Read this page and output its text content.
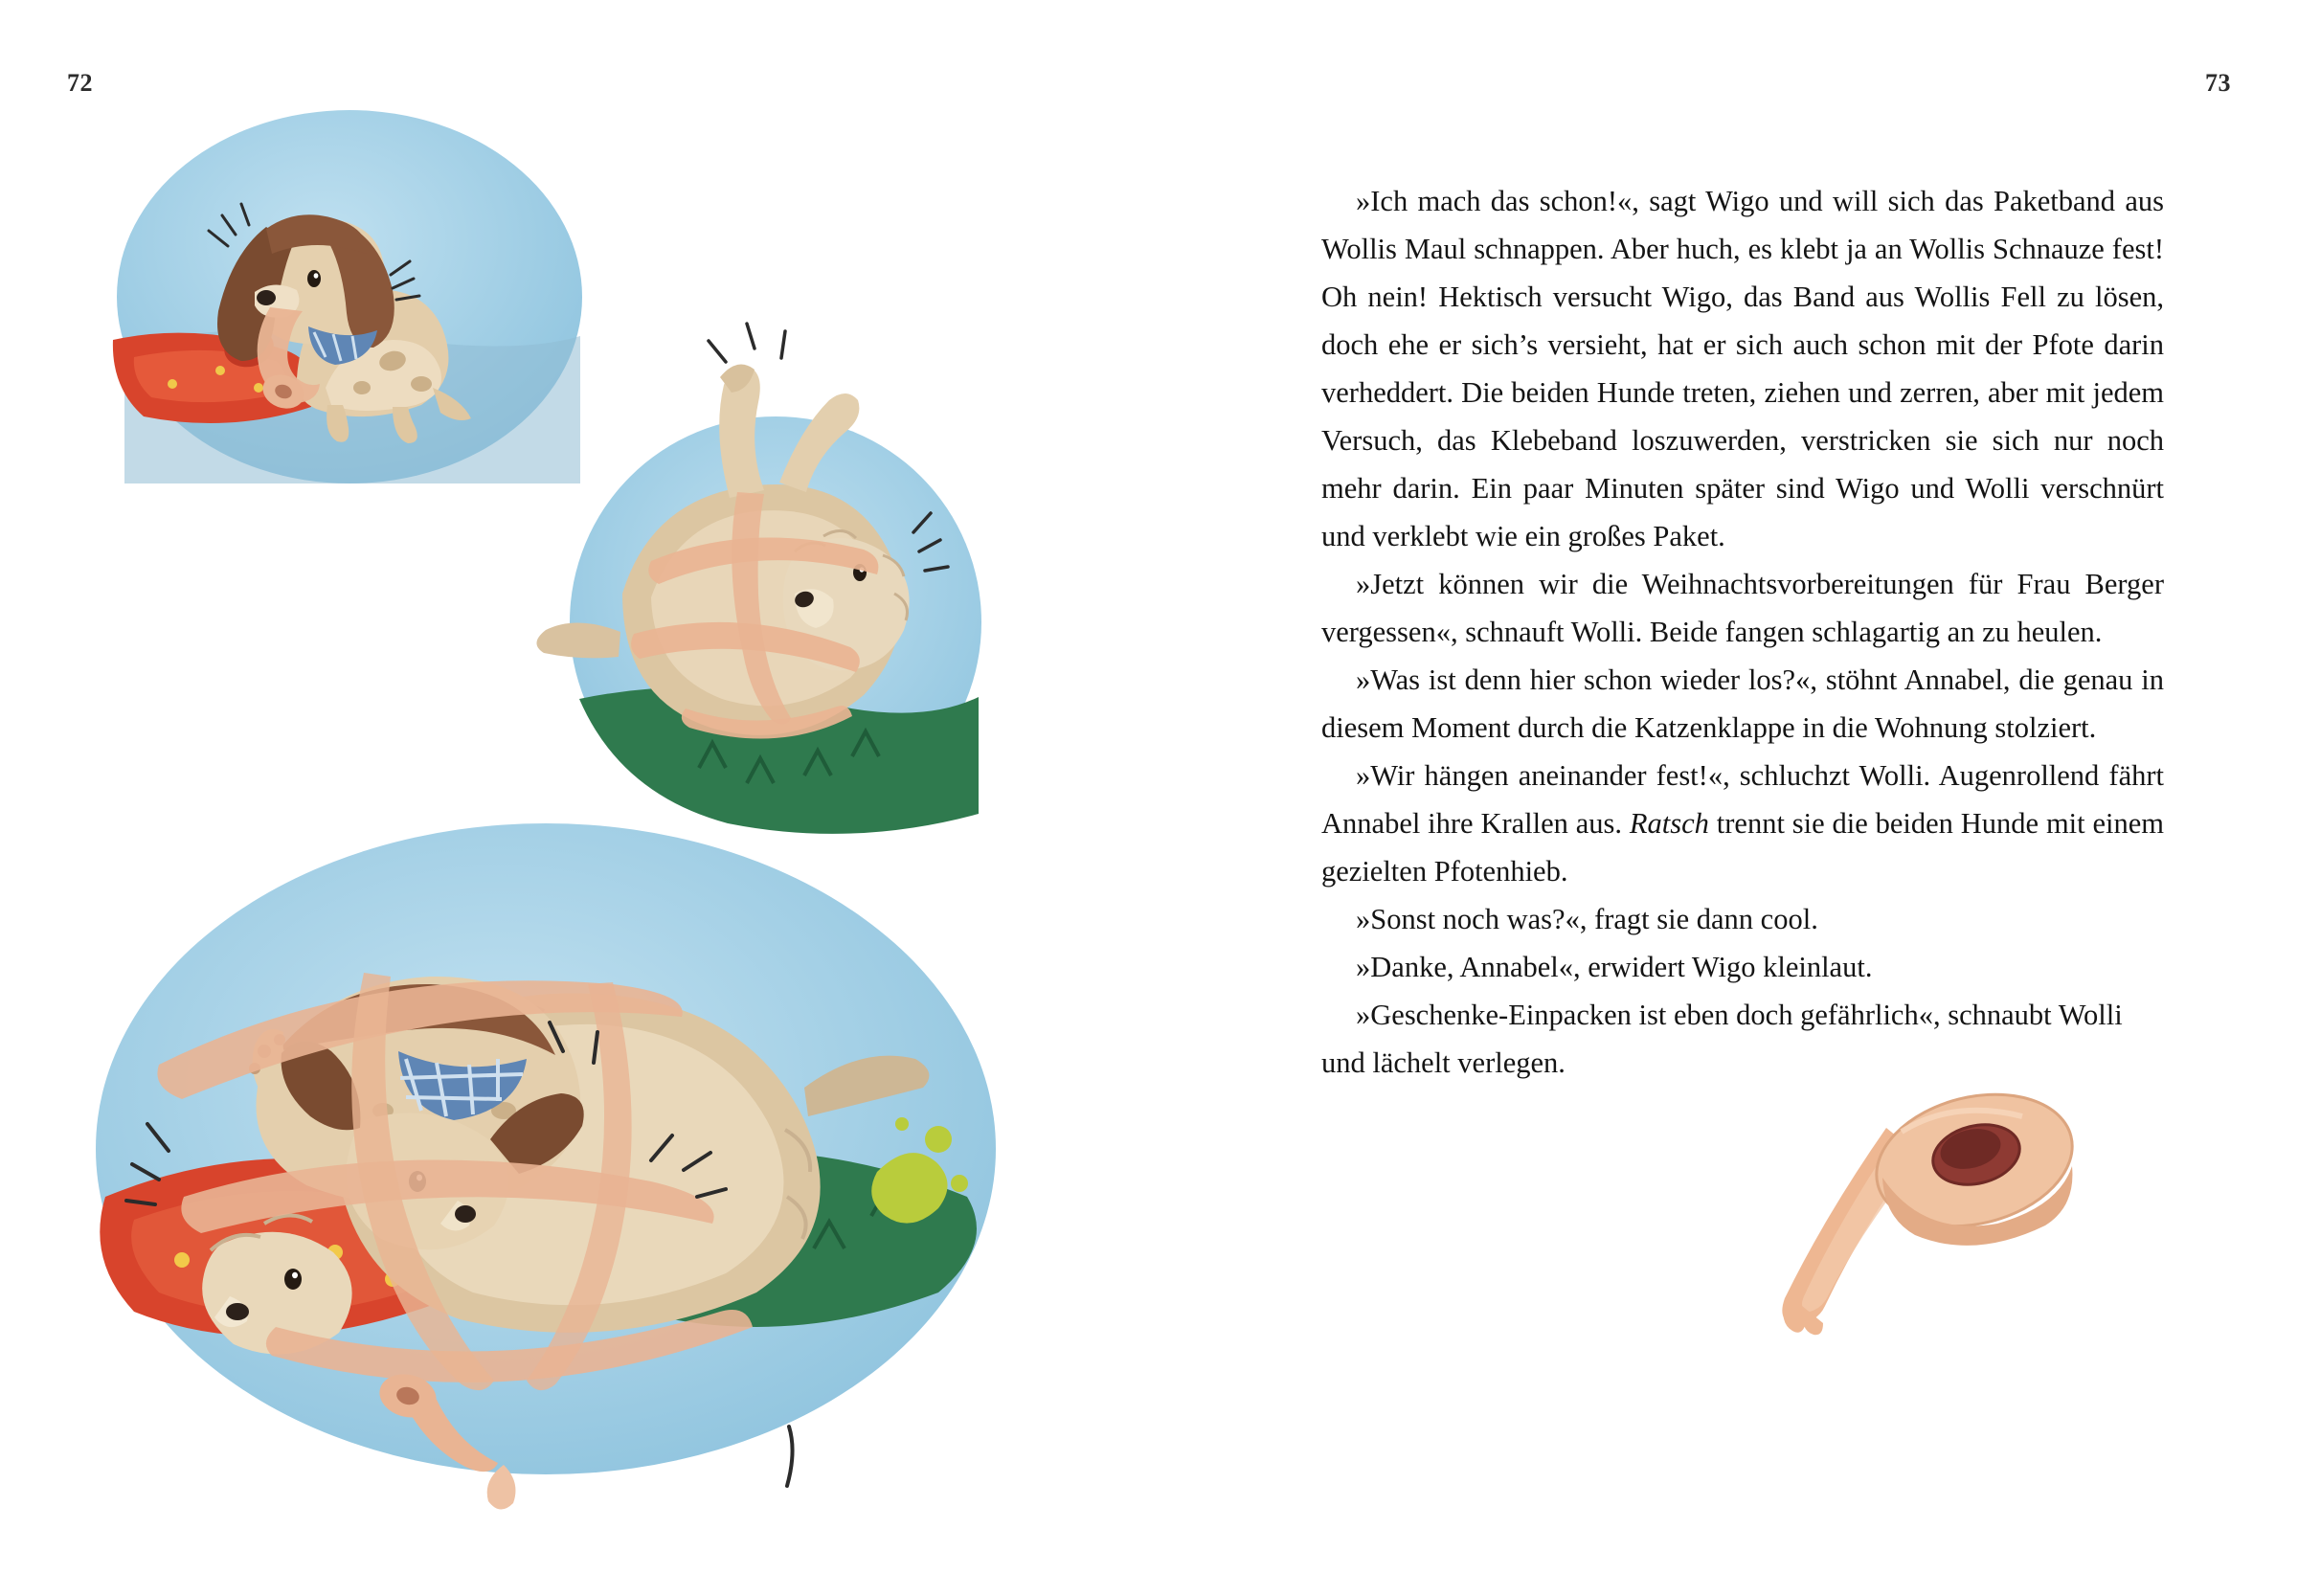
72	73

»Ich mach das schon!«, sagt Wigo und will sich das Paketband aus Wollis Maul schnappen. Aber huch, es klebt ja an Wollis Schnauze fest! Oh nein! Hektisch versucht Wigo, das Band aus Wollis Fell zu lösen, doch ehe er sich’s versieht, hat er sich auch schon mit der Pfote darin verheddert. Die beiden Hunde treten, ziehen und zerren, aber mit jedem Versuch, das Klebeband loszuwerden, verstricken sie sich nur noch mehr darin. Ein paar Minuten später sind Wigo und Wolli verschnürt und verklebt wie ein großes Paket.

»Jetzt können wir die Weihnachtsvorbereitungen für Frau Berger vergessen«, schnauft Wolli. Beide fangen schlagartig an zu heulen.

»Was ist denn hier schon wieder los?«, stöhnt Annabel, die genau in diesem Moment durch die Katzenklappe in die Wohnung stolziert.

»Wir hängen aneinander fest!«, schluchzt Wolli. Augenrollend fährt Annabel ihre Krallen aus. Ratsch trennt sie die beiden Hunde mit einem gezielten Pfotenhieb.

»Sonst noch was?«, fragt sie dann cool.

»Danke, Annabel«, erwidert Wigo kleinlaut.

»Geschenke-Einpacken ist eben doch gefährlich«, schnaubt Wolli und lächelt verlegen.
